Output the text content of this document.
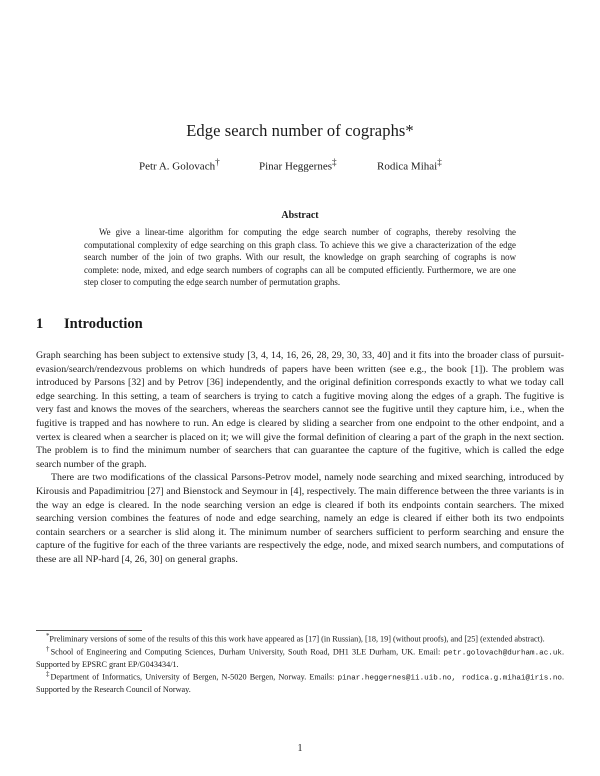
Edge search number of cographs*
Petr A. Golovach†	Pinar Heggernes‡	Rodica Mihai‡
Abstract

We give a linear-time algorithm for computing the edge search number of cographs, thereby resolving the computational complexity of edge searching on this graph class. To achieve this we give a characterization of the edge search number of the join of two graphs. With our result, the knowledge on graph searching of cographs is now complete: node, mixed, and edge search numbers of cographs can all be computed efficiently. Furthermore, we are one step closer to computing the edge search number of permutation graphs.

1 Introduction

Graph searching has been subject to extensive study [3, 4, 14, 16, 26, 28, 29, 30, 33, 40] and it fits into the broader class of pursuit-evasion/search/rendezvous problems on which hundreds of papers have been written (see e.g., the book [1]). The problem was introduced by Parsons [32] and by Petrov [36] independently, and the original definition corresponds exactly to what we today call edge searching. In this setting, a team of searchers is trying to catch a fugitive moving along the edges of a graph. The fugitive is very fast and knows the moves of the searchers, whereas the searchers cannot see the fugitive until they capture him, i.e., when the fugitive is trapped and has nowhere to run. An edge is cleared by sliding a searcher from one endpoint to the other endpoint, and a vertex is cleared when a searcher is placed on it; we will give the formal definition of clearing a part of the graph in the next section. The problem is to find the minimum number of searchers that can guarantee the capture of the fugitive, which is called the edge search number of the graph.

There are two modifications of the classical Parsons-Petrov model, namely node searching and mixed searching, introduced by Kirousis and Papadimitriou [27] and Bienstock and Seymour in [4], respectively. The main difference between the three variants is in the way an edge is cleared. In the node searching version an edge is cleared if both its endpoints contain searchers. The mixed searching version combines the features of node and edge searching, namely an edge is cleared if either both its two endpoints contain searchers or a searcher is slid along it. The minimum number of searchers sufficient to perform searching and ensure the capture of the fugitive for each of the three variants are respectively the edge, node, and mixed search numbers, and computations of these are all NP-hard [4, 26, 30] on general graphs.

*Preliminary versions of some of the results of this this work have appeared as [17] (in Russian), [18, 19] (without proofs), and [25] (extended abstract).

†School of Engineering and Computing Sciences, Durham University, South Road, DH1 3LE Durham, UK. Email: petr.golovach@durham.ac.uk. Supported by EPSRC grant EP/G043434/1.

‡Department of Informatics, University of Bergen, N-5020 Bergen, Norway. Emails: pinar.heggernes@ii.uib.no, rodica.g.mihai@iris.no. Supported by the Research Council of Norway.

1
